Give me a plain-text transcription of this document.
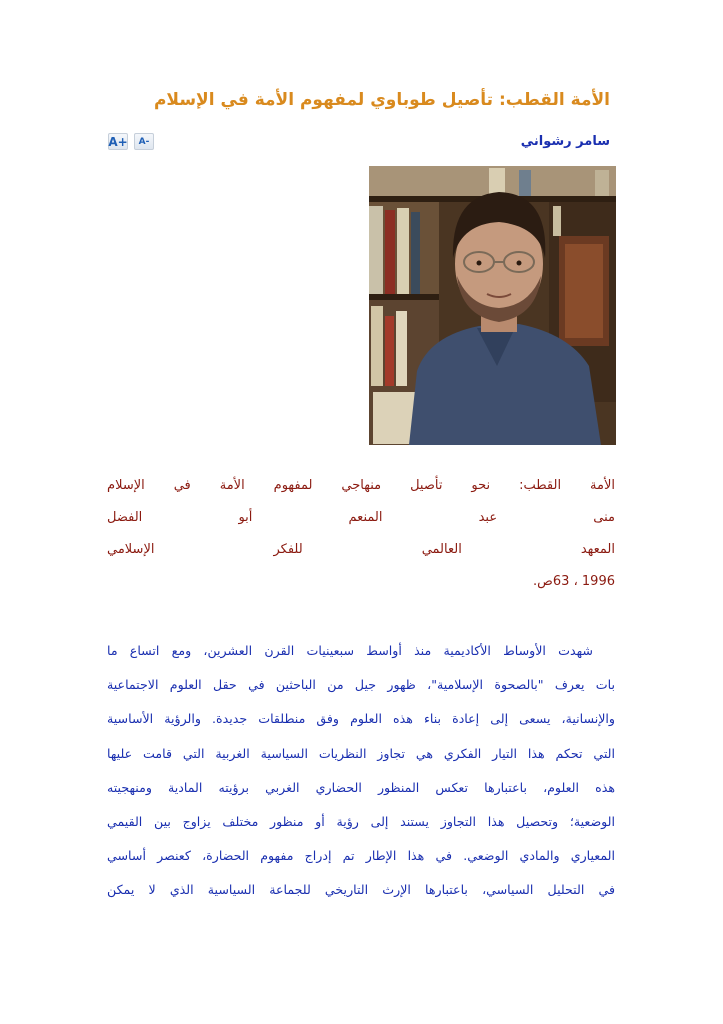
الأمة القطب: تأصيل طوباوي لمفهوم الأمة في الإسلام
سامر رشواني
A+ A-
الأمة
القطب:
نحو
تأصيل
منهاجي
لمفهوم
الأمة
في
الإسلام
منى
عبد
المنعم
أبو
الفضل
المعهد
العالمي
للفكر
الإسلامي
1996 ، 63ص.
شهدت الأوساط الأكاديمية منذ أواسط سبعينيات القرن العشرين، ومع اتساع ما
بات يعرف "بالصحوة الإسلامية"، ظهور جيل من الباحثين في حقل العلوم الاجتماعية
والإنسانية، يسعى إلى إعادة بناء هذه العلوم وفق منطلقات جديدة. والرؤية الأساسية
التي تحكم هذا التيار الفكري هي تجاوز النظريات السياسية الغربية التي قامت عليها
هذه العلوم، باعتبارها تعكس المنظور الحضاري الغربي برؤيته المادية ومنهجيته
الوضعية؛ وتحصيل هذا التجاوز يستند إلى رؤية أو منظور مختلف يزاوج بين القيمي
المعياري والمادي الوضعي. في هذا الإطار تم إدراج مفهوم الحضارة، كعنصر أساسي
في التحليل السياسي، باعتبارها الإرث التاريخي للجماعة السياسية الذي لا يمكن
